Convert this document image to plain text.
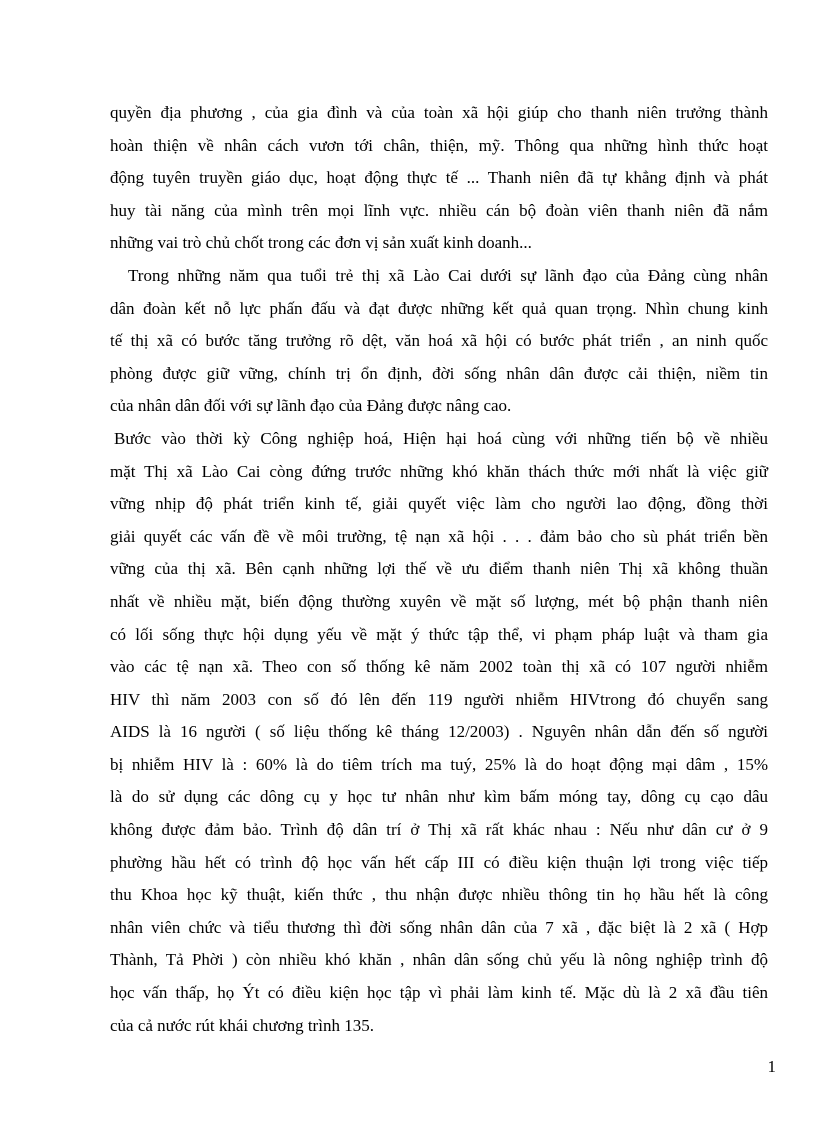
quyền địa phương , của gia đình và của toàn xã hội giúp cho thanh niên trưởng thành
hoàn thiện về nhân cách vươn tới chân, thiện, mỹ. Thông qua những hình thức hoạt
động tuyên truyền giáo dục, hoạt động thực tế ... Thanh niên đã tự khẳng định và phát
huy tài năng của mình trên mọi lĩnh vực. nhiều cán bộ đoàn viên thanh niên đã nắm
những vai trò chủ chốt trong các đơn vị sản xuất kinh doanh...
Trong những năm qua tuổi trẻ thị xã Lào Cai dưới sự lãnh đạo của Đảng cùng nhân
dân đoàn kết nỗ lực phấn đấu và đạt được những kết quả quan trọng. Nhìn chung kinh
tế thị xã có bước tăng trưởng rõ dệt, văn hoá xã hội có bước phát triển , an ninh quốc
phòng được giữ vững, chính trị ổn định, đời sống nhân dân được cải thiện, niềm tin
của nhân dân đối với sự lãnh đạo của Đảng được nâng cao.
Bước vào thời kỳ Công nghiệp hoá, Hiện hại hoá cùng với những tiến bộ về nhiều
mặt Thị xã Lào Cai còng đứng trước những khó khăn thách thức mới nhất là việc giữ
vững nhịp độ phát triển kinh tế, giải quyết việc làm cho người lao động, đồng thời
giải quyết các vấn đề về môi trường, tệ nạn xã hội . . . đảm bảo cho sù phát triển bền
vững của thị xã. Bên cạnh những lợi thế về ưu điểm thanh niên Thị xã không thuần
nhất về nhiều mặt, biến động thường xuyên về mặt số lượng, mét bộ phận thanh niên
có lối sống thực hội dụng yếu về mặt ý thức tập thể, vi phạm pháp luật và tham gia
vào các tệ nạn xã. Theo con số thống kê năm 2002 toàn thị xã có 107 người nhiễm
HIV thì năm 2003 con số đó lên đến 119 người nhiễm HIVtrong đó chuyển sang
AIDS là 16 người ( số liệu thống kê tháng 12/2003) . Nguyên nhân dẫn đến số người
bị nhiễm HIV là : 60% là do tiêm trích ma tuý, 25% là do hoạt động mại dâm , 15%
là do sử dụng các dông cụ y học tư nhân như kìm bấm móng tay, dông cụ cạo dâu
không được đảm bảo. Trình độ dân trí ở Thị xã rất khác nhau : Nếu như dân cư ở 9
phường hầu hết có trình độ học vấn hết cấp III có điều kiện thuận lợi trong việc tiếp
thu Khoa học kỹ thuật, kiến thức , thu nhận được nhiều thông tin họ hầu hết là công
nhân viên chức và tiểu thương thì đời sống nhân dân của 7 xã , đặc biệt là 2 xã ( Hợp
Thành, Tả Phời ) còn nhiều khó khăn , nhân dân sống chủ yếu là nông nghiệp trình độ
học vấn thấp, họ Ýt có điều kiện học tập vì phải làm kinh tế. Mặc dù là 2 xã đầu tiên
của cả nước rút khái chương trình 135.
1
